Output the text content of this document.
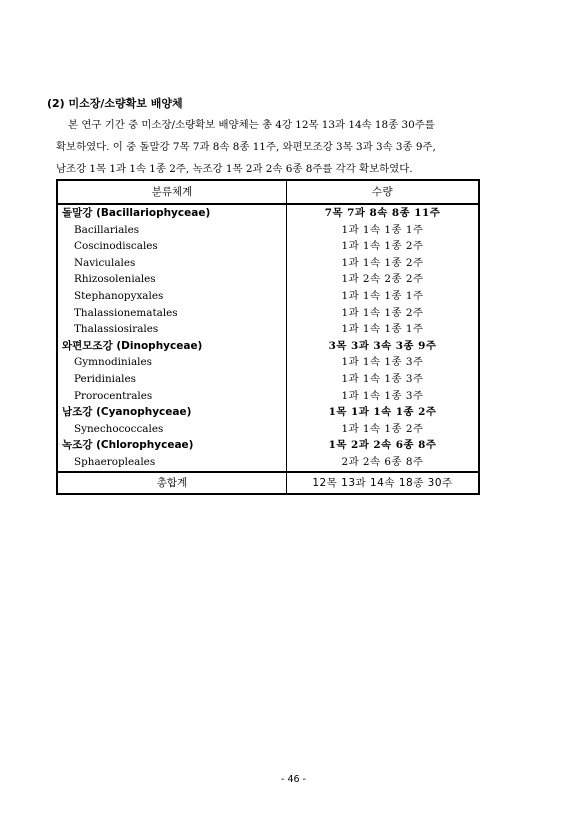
(2) 미소장/소량확보 배양체
본 연구 기간 중 미소장/소량확보 배양체는 총 4강 12목 13과 14속 18종 30주를
확보하였다. 이 중 돌말강 7목 7과 8속 8종 11주, 와편모조강 3목 3과 3속 3종 9주,
남조강 1목 1과 1속 1종 2주, 녹조강 1목 2과 2속 6종 8주를 각각 확보하였다.
분류체계	수량
돌말강 (Bacillariophyceae)	7목 7과 8속 8종 11주
Bacillariales	1과 1속 1종 1주
Coscinodiscales	1과 1속 1종 2주
Naviculales	1과 1속 1종 2주
Rhizosoleniales	1과 2속 2종 2주
Stephanopyxales	1과 1속 1종 1주
Thalassionematales	1과 1속 1종 2주
Thalassiosirales	1과 1속 1종 1주
와편모조강 (Dinophyceae)	3목 3과 3속 3종 9주
Gymnodiniales	1과 1속 1종 3주
Peridiniales	1과 1속 1종 3주
Prorocentrales	1과 1속 1종 3주
남조강 (Cyanophyceae)	1목 1과 1속 1종 2주
Synechococcales	1과 1속 1종 2주
녹조강 (Chlorophyceae)	1목 2과 2속 6종 8주
Sphaeropleales	2과 2속 6종 8주
총합계	12목 13과 14속 18종 30주
- 46 -
